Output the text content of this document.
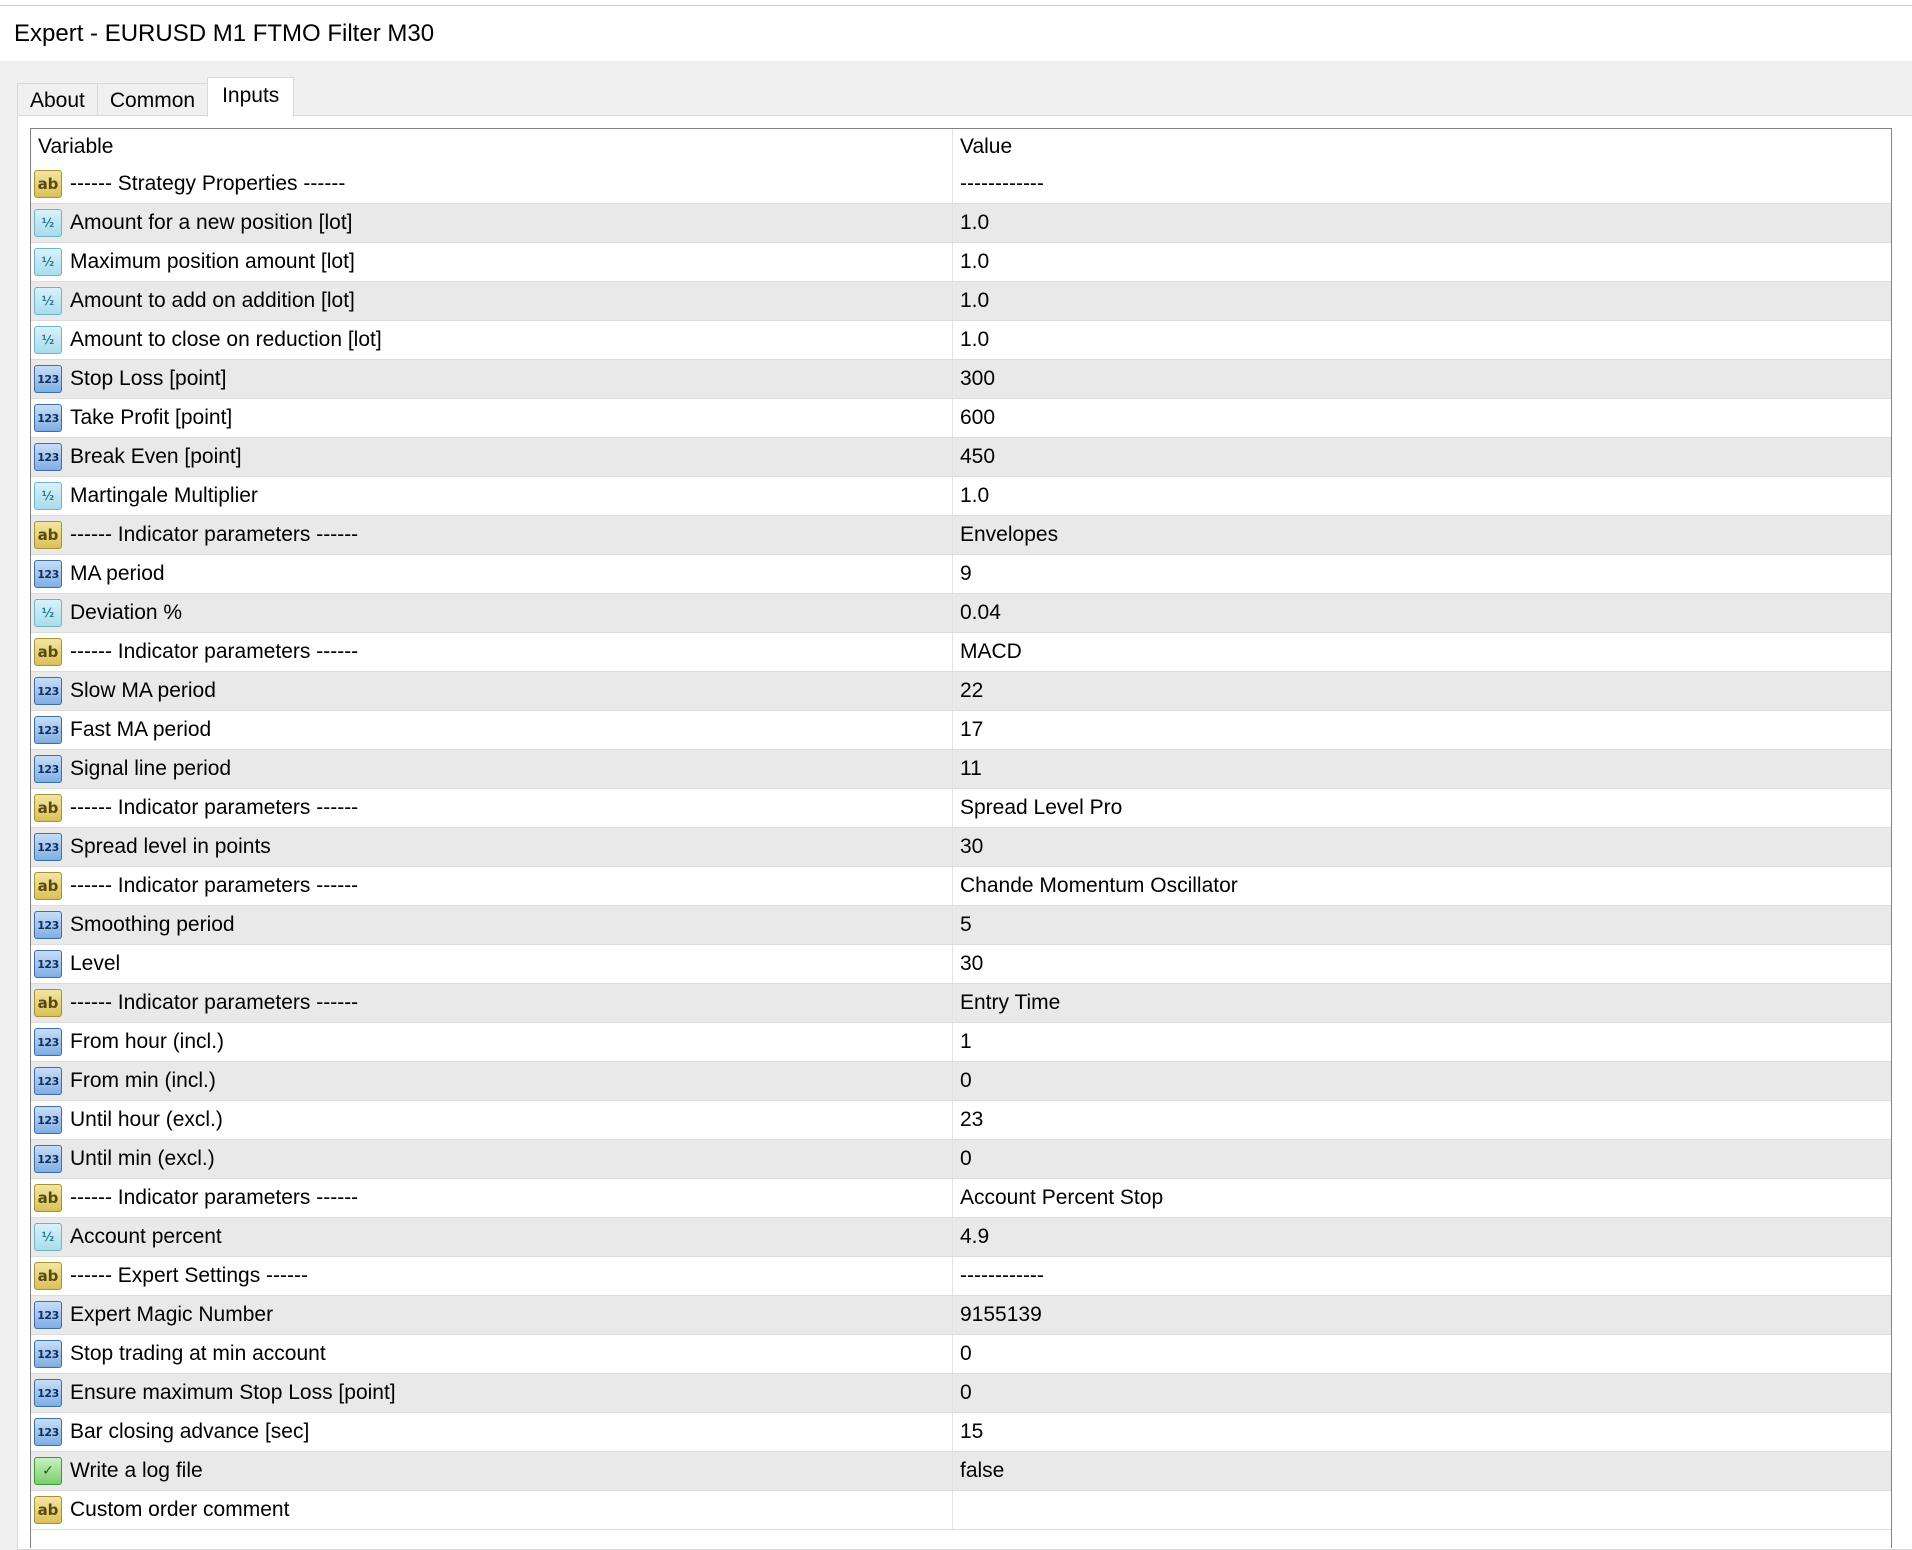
Expert - EURUSD M1 FTMO Filter M30
About	Common	Inputs
Variable	Value
ab ------ Strategy Properties ------	------------
½ Amount for a new position [lot]	1.0
½ Maximum position amount [lot]	1.0
½ Amount to add on addition [lot]	1.0
½ Amount to close on reduction [lot]	1.0
123 Stop Loss [point]	300
123 Take Profit [point]	600
123 Break Even [point]	450
½ Martingale Multiplier	1.0
ab ------ Indicator parameters ------	Envelopes
123 MA period	9
½ Deviation %	0.04
ab ------ Indicator parameters ------	MACD
123 Slow MA period	22
123 Fast MA period	17
123 Signal line period	11
ab ------ Indicator parameters ------	Spread Level Pro
123 Spread level in points	30
ab ------ Indicator parameters ------	Chande Momentum Oscillator
123 Smoothing period	5
123 Level	30
ab ------ Indicator parameters ------	Entry Time
123 From hour (incl.)	1
123 From min (incl.)	0
123 Until hour (excl.)	23
123 Until min (excl.)	0
ab ------ Indicator parameters ------	Account Percent Stop
½ Account percent	4.9
ab ------ Expert Settings ------	------------
123 Expert Magic Number	9155139
123 Stop trading at min account	0
123 Ensure maximum Stop Loss [point]	0
123 Bar closing advance [sec]	15
✓ Write a log file	false
ab Custom order comment
